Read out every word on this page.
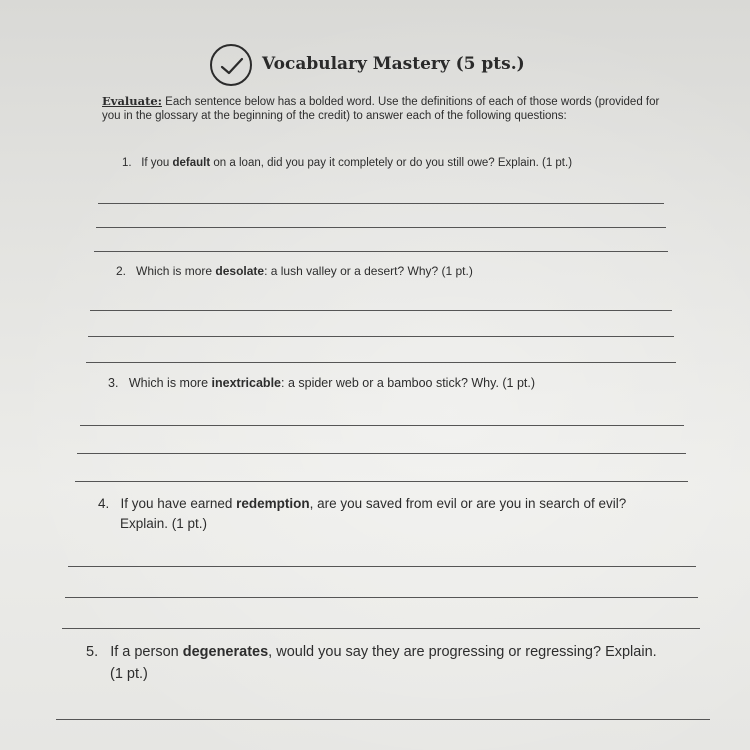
Vocabulary Mastery (5 pts.)
Evaluate: Each sentence below has a bolded word. Use the definitions of each of those words (provided for you in the glossary at the beginning of the credit) to answer each of the following questions:
1. If you default on a loan, did you pay it completely or do you still owe? Explain. (1 pt.)
2. Which is more desolate: a lush valley or a desert? Why? (1 pt.)
3. Which is more inextricable: a spider web or a bamboo stick? Why. (1 pt.)
4. If you have earned redemption, are you saved from evil or are you in search of evil?
Explain. (1 pt.)
5. If a person degenerates, would you say they are progressing or regressing? Explain.
(1 pt.)
